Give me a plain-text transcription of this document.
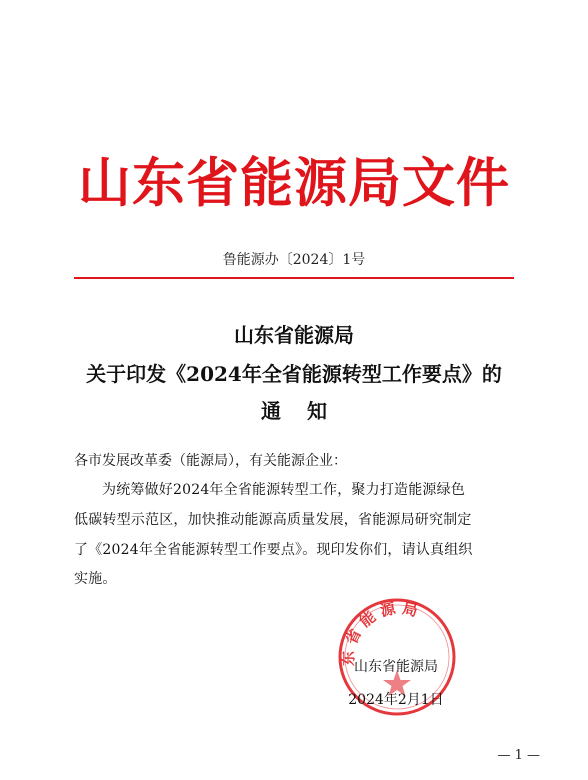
山东省能源局文件
鲁能源办〔2024〕1号
山东省能源局
关于印发《2024年全省能源转型工作要点》的
通知
各市发展改革委（能源局），有关能源企业：
为统筹做好2024年全省能源转型工作，聚力打造能源绿色
低碳转型示范区，加快推动能源高质量发展，省能源局研究制定
了《2024年全省能源转型工作要点》。现印发你们，请认真组织
实施。
东 省 能 源 局
山东省能源局
2024年2月1日
— 1 —
